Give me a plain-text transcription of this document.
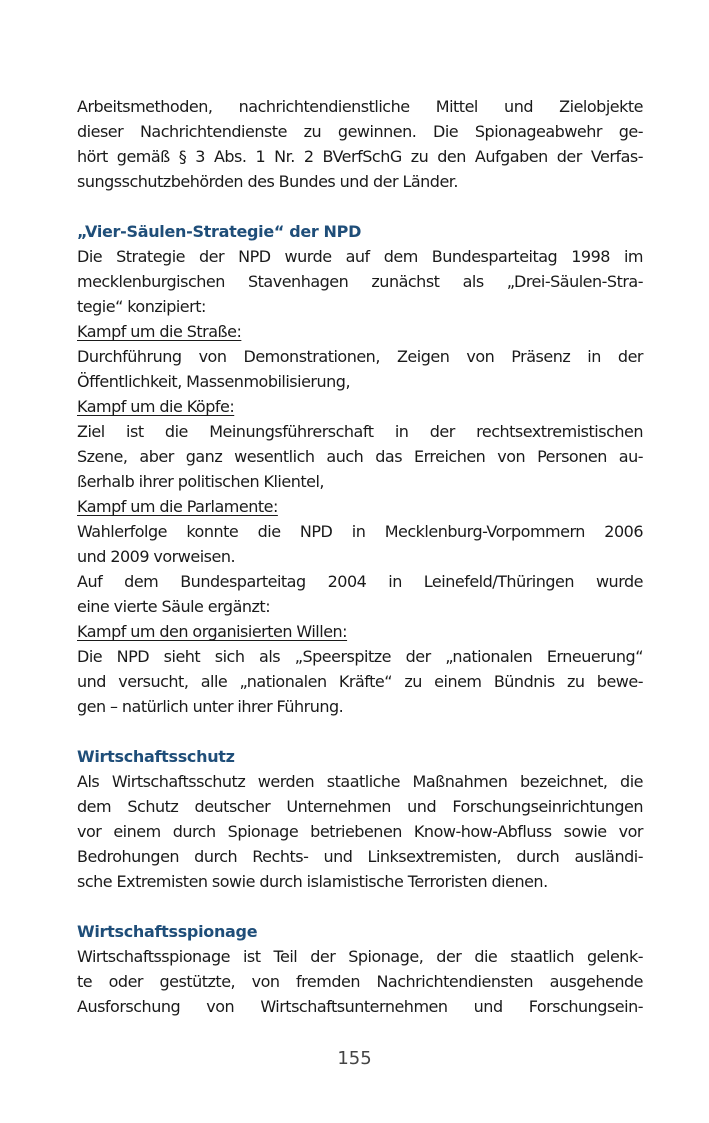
Arbeitsmethoden, nachrichtendienstliche Mittel und Zielobjekte
dieser Nachrichtendienste zu gewinnen. Die Spionageabwehr ge-
hört gemäß § 3 Abs. 1 Nr. 2 BVerfSchG zu den Aufgaben der Verfas-
sungsschutzbehörden des Bundes und der Länder.

„Vier-Säulen-Strategie“ der NPD

Die Strategie der NPD wurde auf dem Bundesparteitag 1998 im
mecklenburgischen Stavenhagen zunächst als „Drei-Säulen-Stra-
tegie“ konzipiert:

Kampf um die Straße:

Durchführung von Demonstrationen, Zeigen von Präsenz in der
Öffentlichkeit, Massenmobilisierung,

Kampf um die Köpfe:

Ziel ist die Meinungsführerschaft in der rechtsextremistischen
Szene, aber ganz wesentlich auch das Erreichen von Personen au-
ßerhalb ihrer politischen Klientel,

Kampf um die Parlamente:

Wahlerfolge konnte die NPD in Mecklenburg-Vorpommern 2006
und 2009 vorweisen.
Auf dem Bundesparteitag 2004 in Leinefeld/Thüringen wurde
eine vierte Säule ergänzt:

Kampf um den organisierten Willen:

Die NPD sieht sich als „Speerspitze der „nationalen Erneuerung“
und versucht, alle „nationalen Kräfte“ zu einem Bündnis zu bewe-
gen – natürlich unter ihrer Führung.

Wirtschaftsschutz

Als Wirtschaftsschutz werden staatliche Maßnahmen bezeichnet, die
dem Schutz deutscher Unternehmen und Forschungseinrichtungen
vor einem durch Spionage betriebenen Know-how-Abfluss sowie vor
Bedrohungen durch Rechts- und Linksextremisten, durch ausländi-
sche Extremisten sowie durch islamistische Terroristen dienen.

Wirtschaftsspionage

Wirtschaftsspionage ist Teil der Spionage, der die staatlich gelenk-
te oder gestützte, von fremden Nachrichtendiensten ausgehende
Ausforschung von Wirtschaftsunternehmen und Forschungsein-
155
